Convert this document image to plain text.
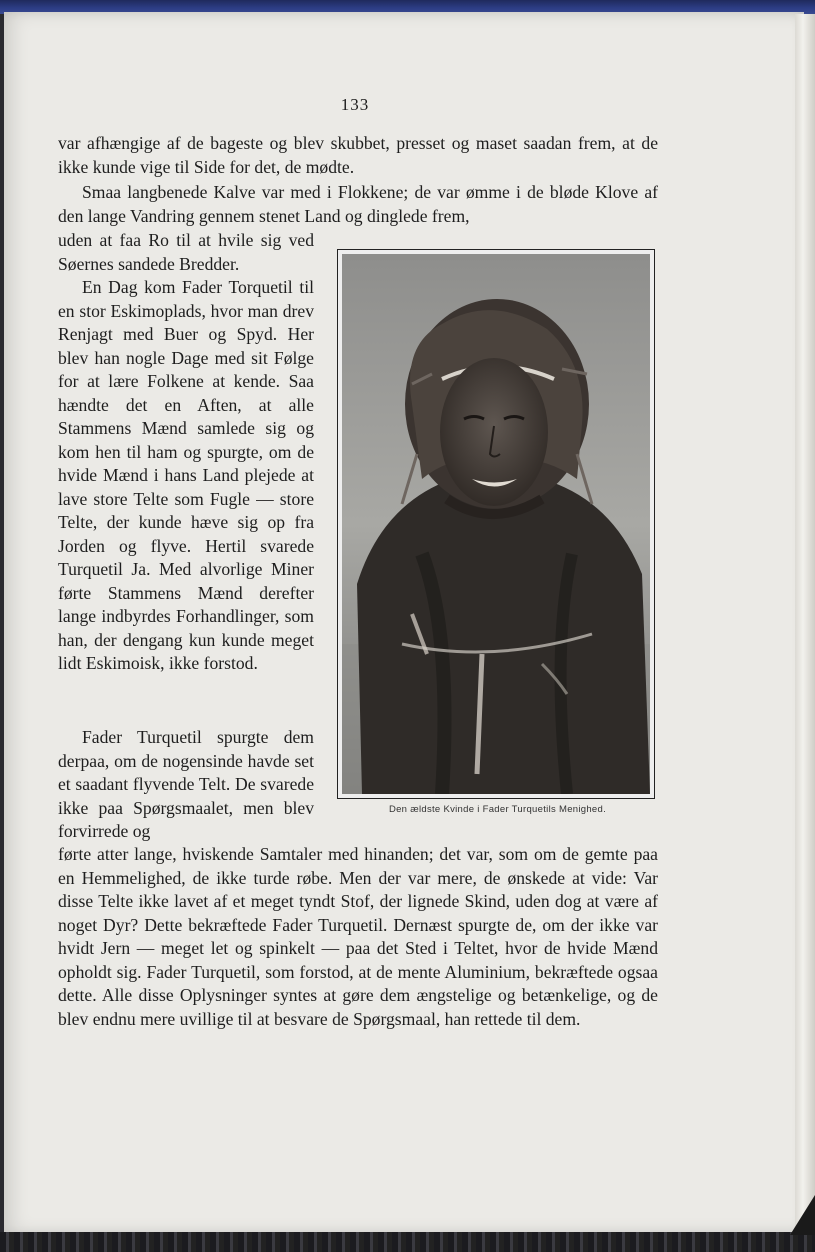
133

var afhængige af de bageste og blev skubbet, presset og maset saadan frem, at de ikke kunde vige til Side for det, de mødte.

Smaa langbenede Kalve var med i Flokkene; de var ømme i de bløde Klove af den lange Vandring gennem stenet Land og dinglede frem,

uden at faa Ro til at hvile sig ved Søernes sandede Bredder.

En Dag kom Fader Torquetil til en stor Eskimoplads, hvor man drev Renjagt med Buer og Spyd. Her blev han nogle Dage med sit Følge for at lære Folkene at kende. Saa hændte det en Aften, at alle Stammens Mænd samlede sig og kom hen til ham og spurgte, om de hvide Mænd i hans Land plejede at lave store Telte som Fugle — store Telte, der kunde hæve sig op fra Jorden og flyve. Hertil svarede Turquetil Ja. Med alvorlige Miner førte Stammens Mænd derefter lange indbyrdes Forhandlinger, som han, der dengang kun kunde meget lidt Eskimoisk, ikke forstod.

Fader Turquetil spurgte dem derpaa, om de nogensinde havde set et saadant flyvende Telt. De svarede ikke paa Spørgsmaalet, men blev forvirrede og

førte atter lange, hviskende Samtaler med hinanden; det var, som om de gemte paa en Hemmelighed, de ikke turde røbe. Men der var mere, de ønskede at vide: Var disse Telte ikke lavet af et meget tyndt Stof, der lignede Skind, uden dog at være af noget Dyr? Dette bekræftede Fader Turquetil. Dernæst spurgte de, om der ikke var hvidt Jern — meget let og spinkelt — paa det Sted i Teltet, hvor de hvide Mænd opholdt sig. Fader Turquetil, som forstod, at de mente Aluminium, bekræftede ogsaa dette. Alle disse Oplysninger syntes at gøre dem ængstelige og betænkelige, og de blev endnu mere uvillige til at besvare de Spørgsmaal, han rettede til dem.

Den ældste Kvinde i Fader Turquetils Menighed.
